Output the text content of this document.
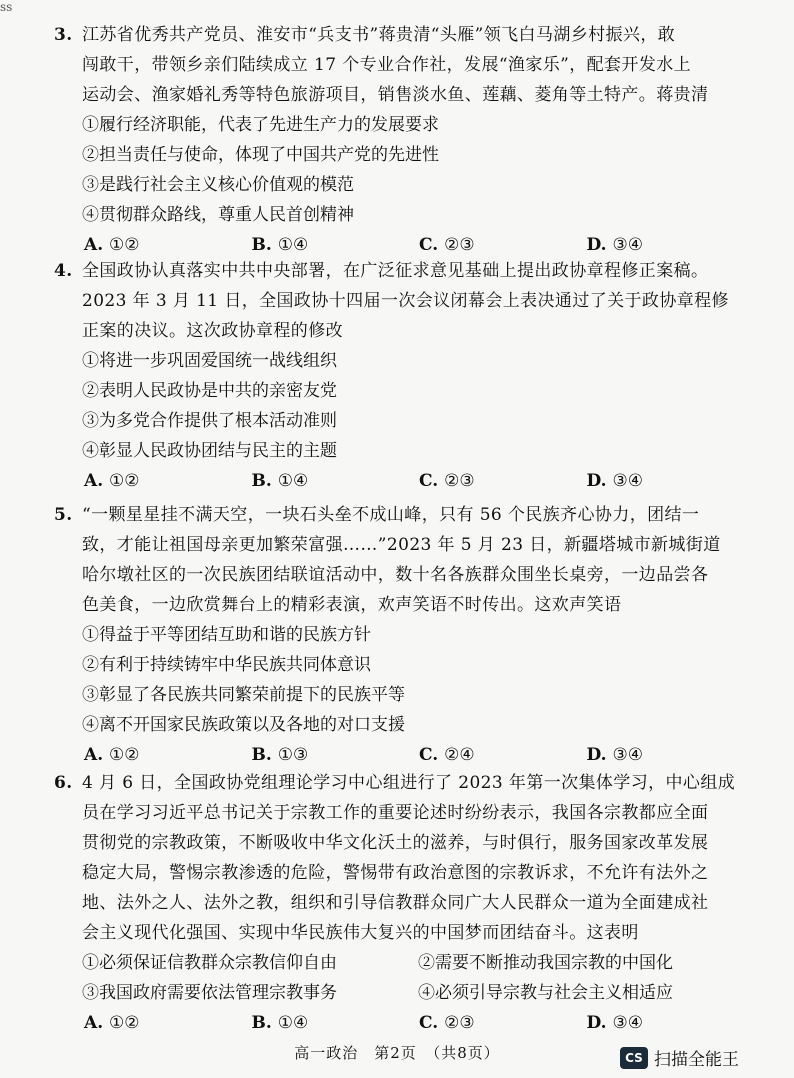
ss
3. 江苏省优秀共产党员、淮安市“兵支书”蒋贵清“头雁”领飞白马湖乡村振兴，敢
闯敢干，带领乡亲们陆续成立 17 个专业合作社，发展“渔家乐”，配套开发水上
运动会、渔家婚礼秀等特色旅游项目，销售淡水鱼、莲藕、菱角等土特产。蒋贵清
①履行经济职能，代表了先进生产力的发展要求
②担当责任与使命，体现了中国共产党的先进性
③是践行社会主义核心价值观的模范
④贯彻群众路线，尊重人民首创精神
A. ①②	B. ①④	C. ②③	D. ③④
4. 全国政协认真落实中共中央部署，在广泛征求意见基础上提出政协章程修正案稿。
2023 年 3 月 11 日，全国政协十四届一次会议闭幕会上表决通过了关于政协章程修
正案的决议。这次政协章程的修改
①将进一步巩固爱国统一战线组织
②表明人民政协是中共的亲密友党
③为多党合作提供了根本活动准则
④彰显人民政协团结与民主的主题
A. ①②	B. ①④	C. ②③	D. ③④
5. “一颗星星挂不满天空，一块石头垒不成山峰，只有 56 个民族齐心协力，团结一
致，才能让祖国母亲更加繁荣富强……”2023 年 5 月 23 日，新疆塔城市新城街道
哈尔墩社区的一次民族团结联谊活动中，数十名各族群众围坐长桌旁，一边品尝各
色美食，一边欣赏舞台上的精彩表演，欢声笑语不时传出。这欢声笑语
①得益于平等团结互助和谐的民族方针
②有利于持续铸牢中华民族共同体意识
③彰显了各民族共同繁荣前提下的民族平等
④离不开国家民族政策以及各地的对口支援
A. ①②	B. ①③	C. ②④	D. ③④
6. 4 月 6 日，全国政协党组理论学习中心组进行了 2023 年第一次集体学习，中心组成
员在学习习近平总书记关于宗教工作的重要论述时纷纷表示，我国各宗教都应全面
贯彻党的宗教政策，不断吸收中华文化沃土的滋养，与时俱行，服务国家改革发展
稳定大局，警惕宗教渗透的危险，警惕带有政治意图的宗教诉求，不允许有法外之
地、法外之人、法外之教，组织和引导信教群众同广大人民群众一道为全面建成社
会主义现代化强国、实现中华民族伟大复兴的中国梦而团结奋斗。这表明
①必须保证信教群众宗教信仰自由	②需要不断推动我国宗教的中国化
③我国政府需要依法管理宗教事务	④必须引导宗教与社会主义相适应
A. ①②	B. ①④	C. ②③	D. ③④
高一政治　第2页　（共8页）	CS 扫描全能王
